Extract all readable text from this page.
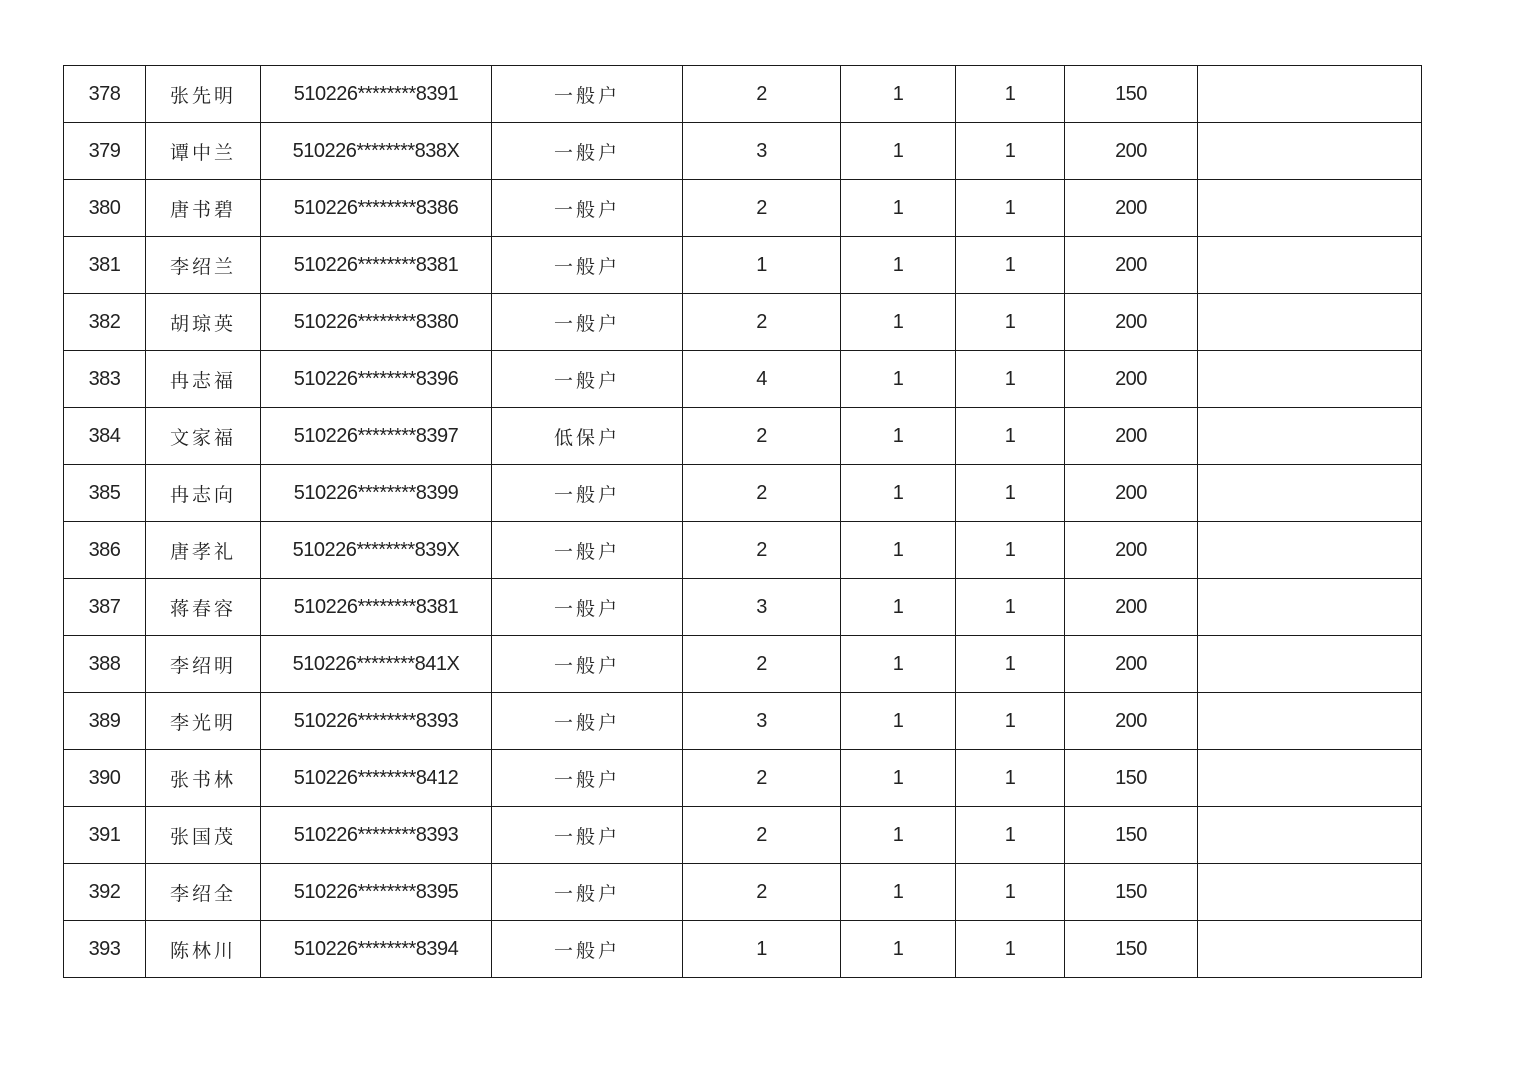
378	张先明	510226********8391	一般户	2	1	1	150	
379	谭中兰	510226********838X	一般户	3	1	1	200	
380	唐书碧	510226********8386	一般户	2	1	1	200	
381	李绍兰	510226********8381	一般户	1	1	1	200	
382	胡琼英	510226********8380	一般户	2	1	1	200	
383	冉志福	510226********8396	一般户	4	1	1	200	
384	文家福	510226********8397	低保户	2	1	1	200	
385	冉志向	510226********8399	一般户	2	1	1	200	
386	唐孝礼	510226********839X	一般户	2	1	1	200	
387	蒋春容	510226********8381	一般户	3	1	1	200	
388	李绍明	510226********841X	一般户	2	1	1	200	
389	李光明	510226********8393	一般户	3	1	1	200	
390	张书林	510226********8412	一般户	2	1	1	150	
391	张国茂	510226********8393	一般户	2	1	1	150	
392	李绍全	510226********8395	一般户	2	1	1	150	
393	陈林川	510226********8394	一般户	1	1	1	150	
